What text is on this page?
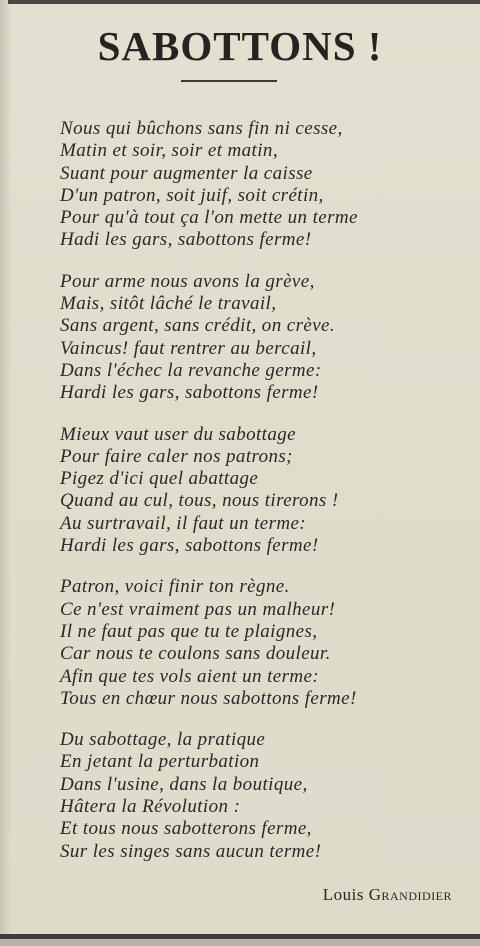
SABOTTONS !
Nous qui bûchons sans fin ni cesse,
Matin et soir, soir et matin,
Suant pour augmenter la caisse
D'un patron, soit juif, soit crétin,
Pour qu'à tout ça l'on mette un terme
Hadi les gars, sabottons ferme!
Pour arme nous avons la grève,
Mais, sitôt lâché le travail,
Sans argent, sans crédit, on crève.
Vaincus! faut rentrer au bercail,
Dans l'échec la revanche germe:
Hardi les gars, sabottons ferme!
Mieux vaut user du sabottage
Pour faire caler nos patrons;
Pigez d'ici quel abattage
Quand au cul, tous, nous tirerons !
Au surtravail, il faut un terme:
Hardi les gars, sabottons ferme!
Patron, voici finir ton règne.
Ce n'est vraiment pas un malheur!
Il ne faut pas que tu te plaignes,
Car nous te coulons sans douleur.
Afin que tes vols aient un terme:
Tous en chœur nous sabottons ferme!
Du sabottage, la pratique
En jetant la perturbation
Dans l'usine, dans la boutique,
Hâtera la Révolution :
Et tous nous sabotterons ferme,
Sur les singes sans aucun terme!
Louis Grandidier
